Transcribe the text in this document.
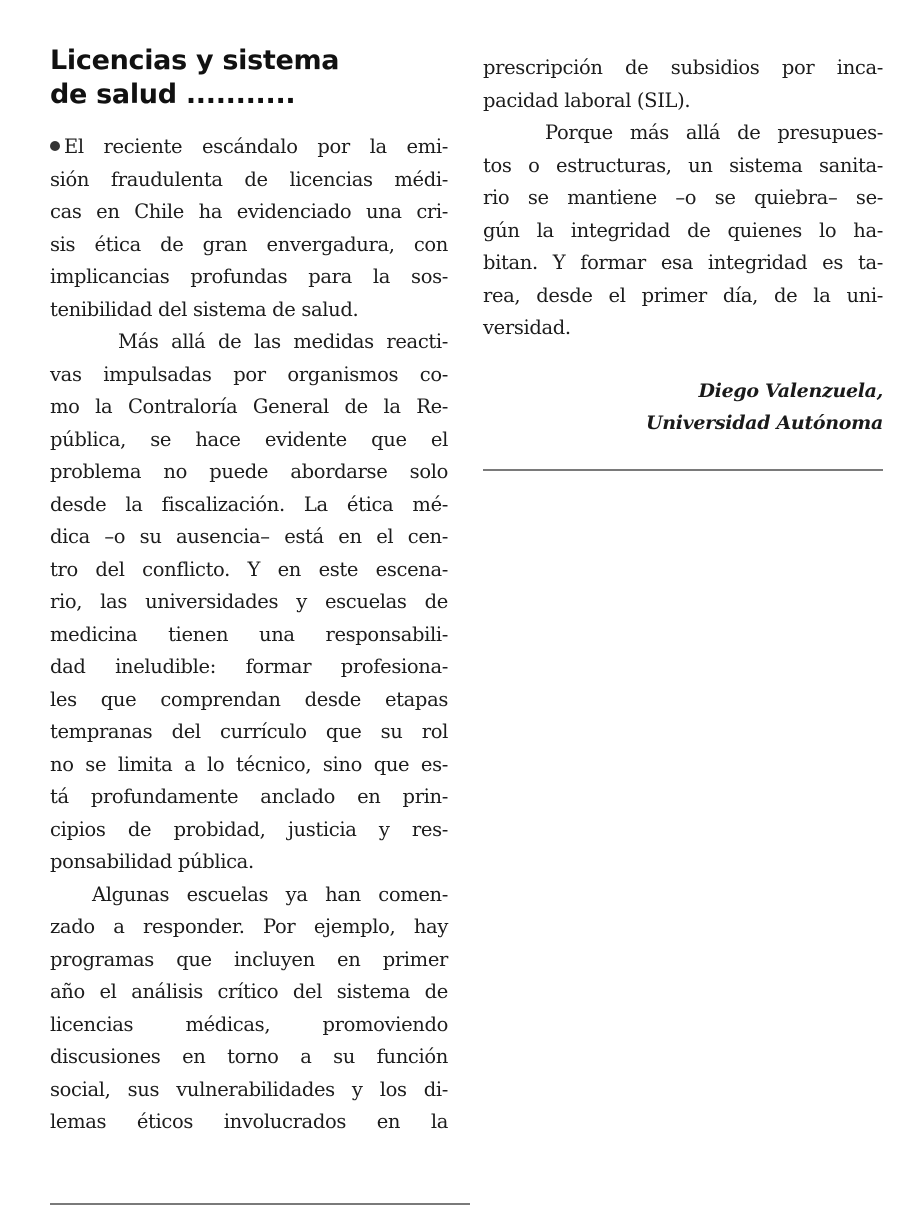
Licencias y sistema
de salud ...........
El reciente escándalo por la emi-
sión fraudulenta de licencias médi-
cas en Chile ha evidenciado una cri-
sis ética de gran envergadura, con
implicancias profundas para la sos-
tenibilidad del sistema de salud.
Más allá de las medidas reacti-
vas impulsadas por organismos co-
mo la Contraloría General de la Re-
pública, se hace evidente que el
problema no puede abordarse solo
desde la fiscalización. La ética mé-
dica –o su ausencia– está en el cen-
tro del conflicto. Y en este escena-
rio, las universidades y escuelas de
medicina tienen una responsabili-
dad ineludible: formar profesiona-
les que comprendan desde etapas
tempranas del currículo que su rol
no se limita a lo técnico, sino que es-
tá profundamente anclado en prin-
cipios de probidad, justicia y res-
ponsabilidad pública.
Algunas escuelas ya han comen-
zado a responder. Por ejemplo, hay
programas que incluyen en primer
año el análisis crítico del sistema de
licencias médicas, promoviendo
discusiones en torno a su función
social, sus vulnerabilidades y los di-
lemas éticos involucrados en la
prescripción de subsidios por inca-
pacidad laboral (SIL).
Porque más allá de presupues-
tos o estructuras, un sistema sanita-
rio se mantiene –o se quiebra– se-
gún la integridad de quienes lo ha-
bitan. Y formar esa integridad es ta-
rea, desde el primer día, de la uni-
versidad.
Diego Valenzuela,
Universidad Autónoma
